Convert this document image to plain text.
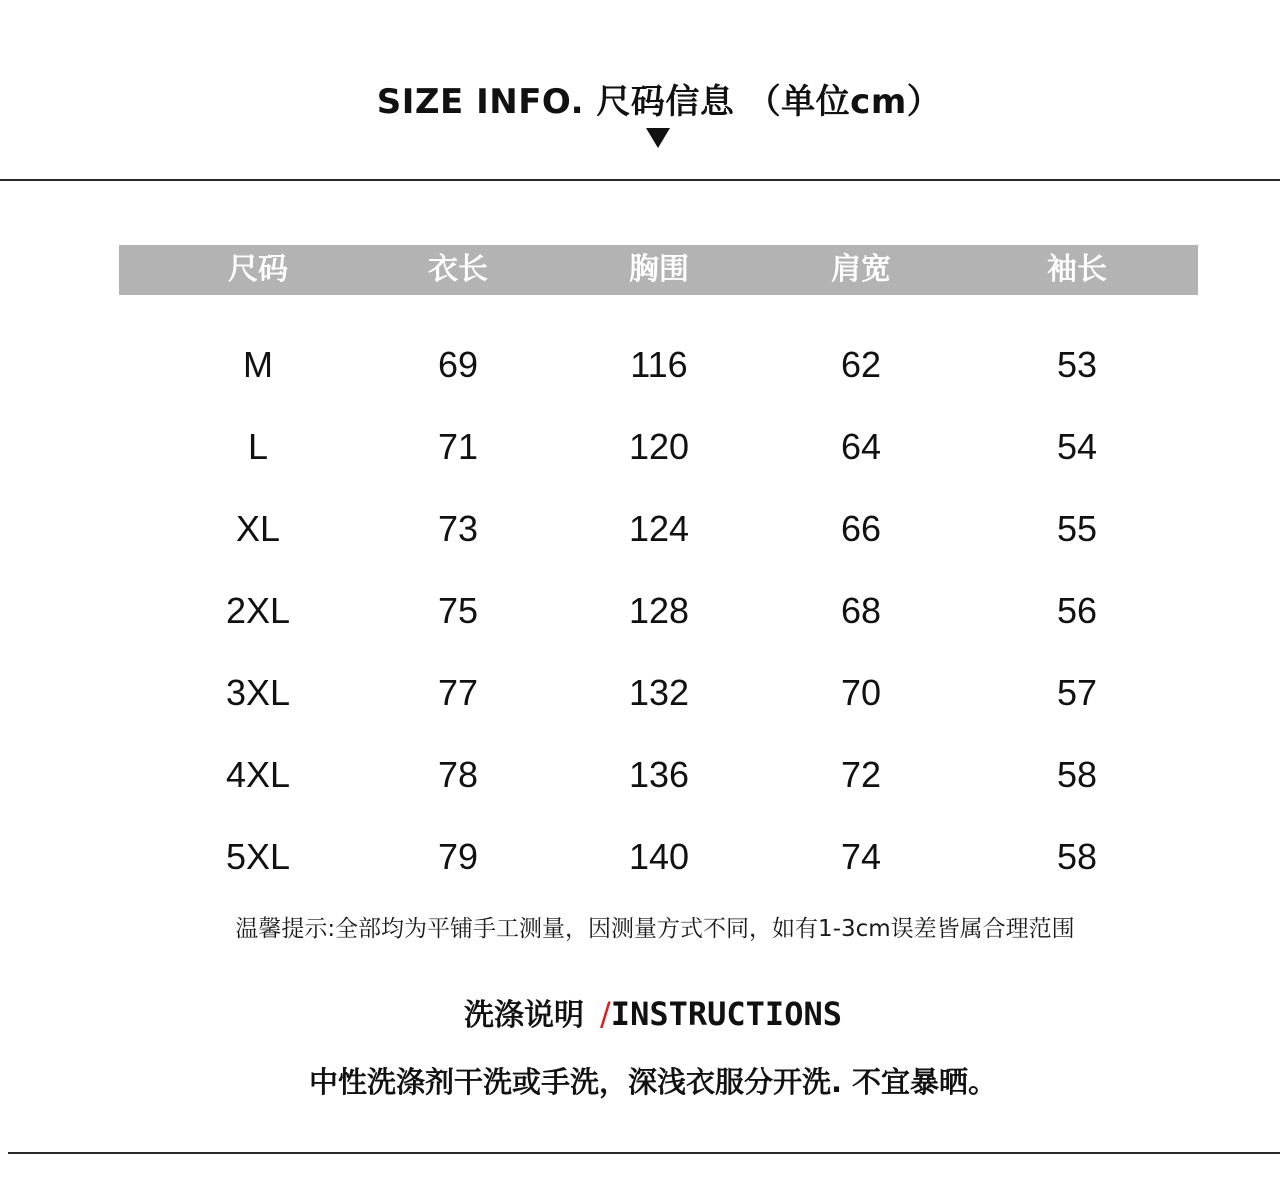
SIZE INFO. 尺码信息 （单位cm）
尺码	衣长	胸围	肩宽	袖长
M	69	116	62	53
L	71	120	64	54
XL	73	124	66	55
2XL	75	128	68	56
3XL	77	132	70	57
4XL	78	136	72	58
5XL	79	140	74	58
温馨提示:全部均为平铺手工测量，因测量方式不同，如有1-3cm误差皆属合理范围
洗涤说明 /INSTRUCTIONS
中性洗涤剂干洗或手洗，深浅衣服分开洗. 不宜暴晒。
